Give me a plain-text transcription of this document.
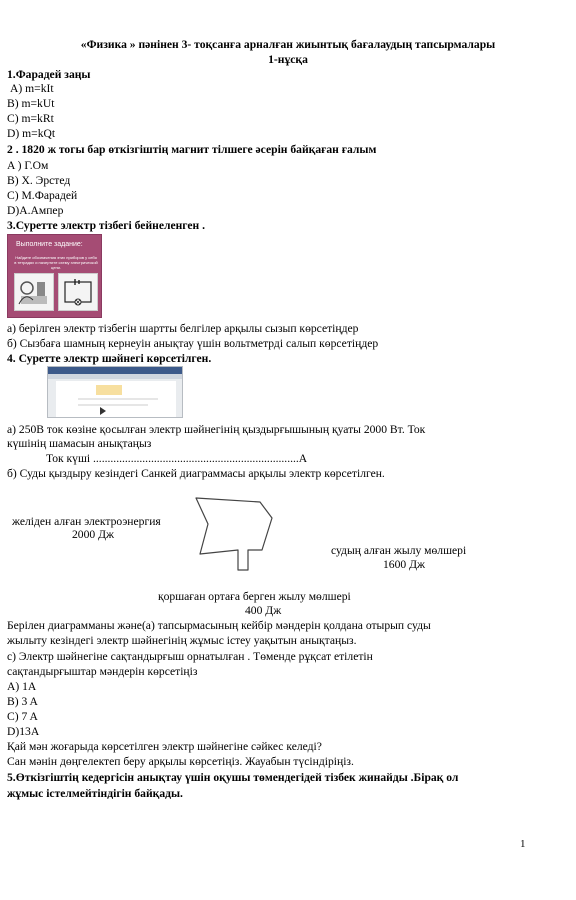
«Физика » пәнінен 3- тоқсанға арналған жиынтық бағалаудың тапсырмалары
1-нұсқа
1.Фарадей заңы
A) m=kIt
B) m=kUt
C) m=kRt
D) m=kQt
2 . 1820 ж тогы бар өткізгіштің магнит тілшеге әсерін байқаған ғалым
A ) Г.Ом
B) Х. Эрстед
C) М.Фарадей
D)А.Ампер
3.Суретте электр тізбегі бейнеленген .
Выполните задание:
Найдите обозначения этих приборов у себя в тетрадях и начертите схему электрической цепи.
а) берілген электр тізбегін шартты белгілер арқылы сызып көрсетіңдер
б) Сызбаға шамның кернеуін анықтау үшін вольтметрді салып көрсетіңдер
4. Суретте электр шәйнегі көрсетілген.
а) 250В ток көзіне қосылған электр шәйнегінің қыздырғышының қуаты 2000 Вт. Ток
күшінің шамасын анықтаңыз
Ток күші .......................................................................А
б) Суды қыздыру кезіндегі Санкей диаграммасы арқылы электр көрсетілген.
желіден алған электроэнергия
2000 Дж
судың алған жылу мөлшері
1600 Дж
қоршаған ортаға берген жылу мөлшері
400 Дж
Берілен диаграмманы және(а) тапсырмасының кейбір мәндерін қолдана отырып суды
жылыту кезіндегі электр шәйнегінің жұмыс істеу уақытын анықтаңыз.
с) Электр шәйнегіне сақтандырғыш орнатылған . Төменде рұқсат етілетін
сақтандырғыштар мәндерін көрсетіңіз
A) 1A
B) 3 A
C) 7 A
D)13A
Қай мән жоғарыда көрсетілген электр шәйнегіне сәйкес келеді?
Сан мәнін дөңгелектеп беру арқылы көрсетіңіз. Жауабын түсіндіріңіз.
5.Өткізгіштің кедергісін анықтау үшін оқушы төмендегідей тізбек жинайды .Бірақ ол
жұмыс істелмейтіндігін байқады.
1
